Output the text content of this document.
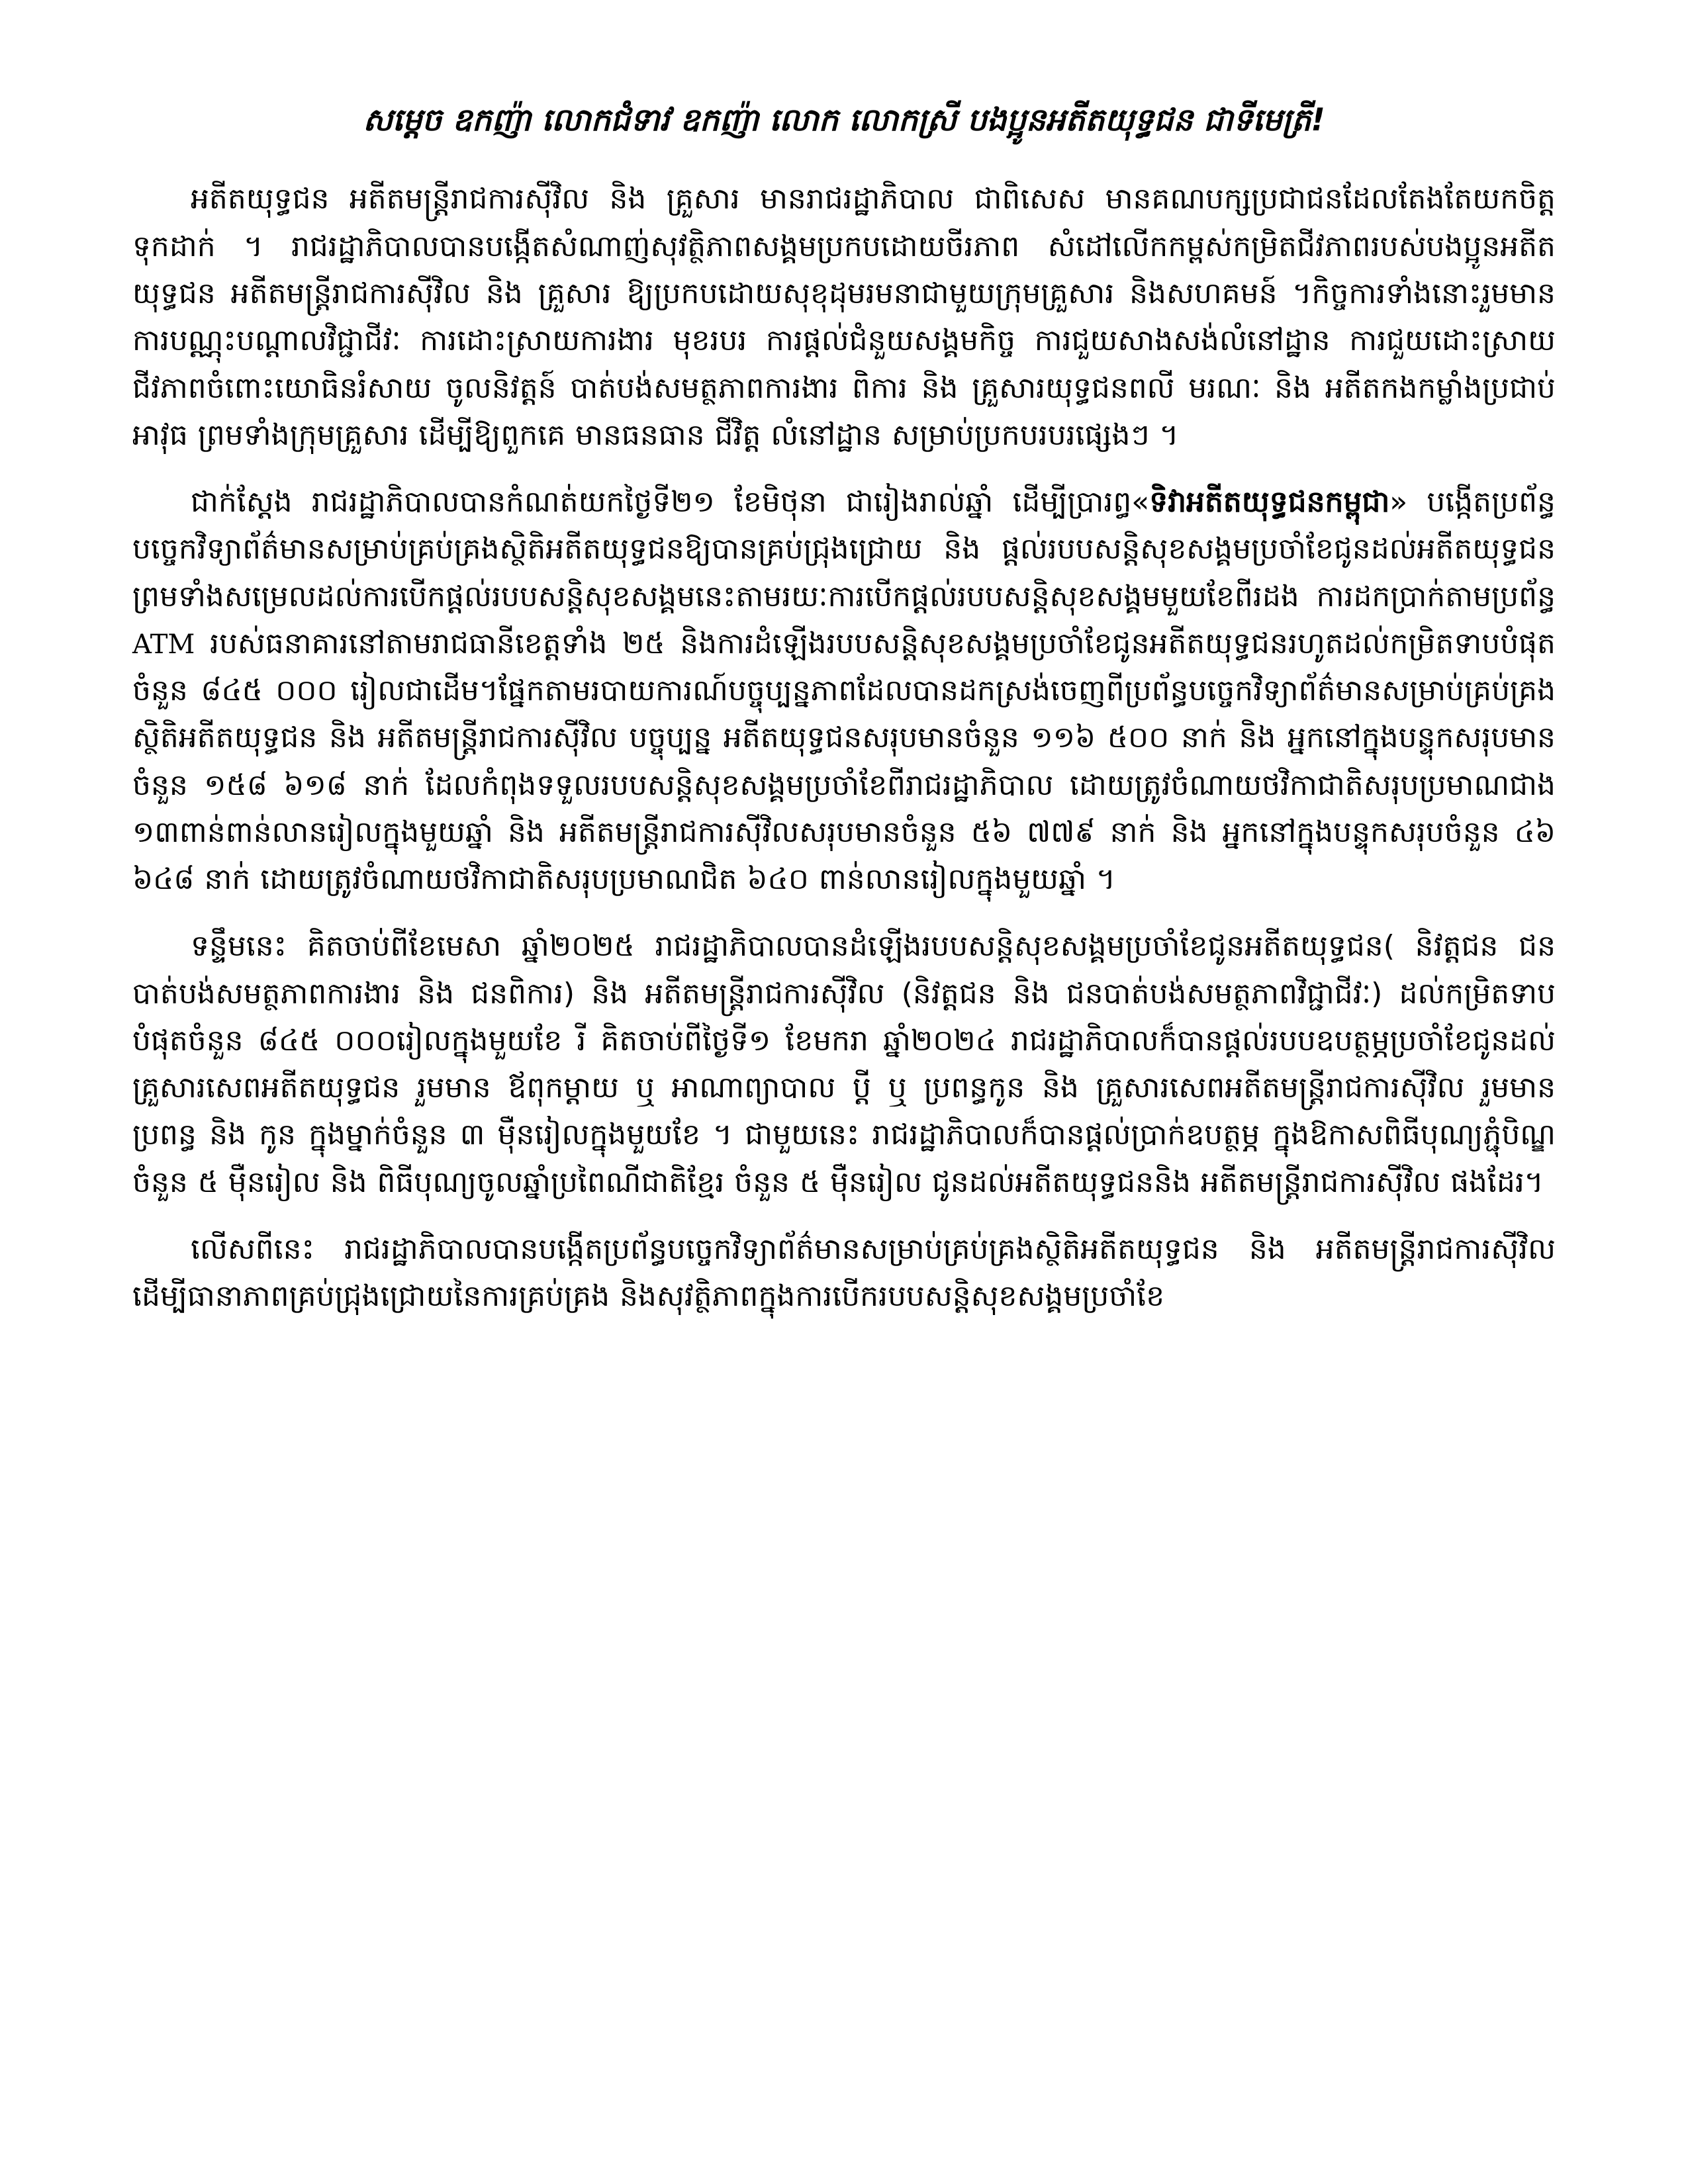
សម្តេច ឧកញ៉ា លោកជំទាវ ឧកញ៉ា លោក លោកស្រី បងប្អូនអតីតយុទ្ធជន ជាទីមេត្រី!

អតីតយុទ្ធជន អតីតមន្ត្រីរាជការស៊ីវិល និង គ្រួសារ មានរាជរដ្ឋាភិបាល ជាពិសេស មានគណបក្សប្រជាជនដែលតែងតែយកចិត្តទុកដាក់ ។ រាជរដ្ឋាភិបាលបានបង្កើតសំណាញ់សុវត្ថិភាពសង្គមប្រកបដោយចីរភាព សំដៅលើកកម្ពស់កម្រិតជីវភាពរបស់បងប្អូនអតីតយុទ្ធជន អតីតមន្ត្រីរាជការស៊ីវិល និង គ្រួសារ ឱ្យប្រកបដោយសុខុដុមរមនាជាមួយក្រុមគ្រួសារ និងសហគមន៍ ។កិច្ចការទាំងនោះរួមមាន ការបណ្ណុះបណ្តាលវិជ្ជាជីវៈ ការដោះស្រាយការងារ មុខរបរ ការផ្តល់ជំនួយសង្គមកិច្ច ការជួយសាងសង់លំនៅដ្ឋាន ការជួយដោះស្រាយជីវភាពចំពោះយោធិនរំសាយ ចូលនិវត្តន៍ បាត់បង់សមត្ថភាពការងារ ពិការ និង គ្រួសារយុទ្ធជនពលី មរណៈ និង អតីតកងកម្លាំងប្រជាប់អាវុធ ព្រមទាំងក្រុមគ្រួសារ ដើម្បីឱ្យពួកគេ មានធនធាន ជីវិត្ត លំនៅដ្ឋាន សម្រាប់ប្រកបរបរផ្សេងៗ ។

ជាក់ស្តែង រាជរដ្ឋាភិបាលបានកំណត់យកថ្ងៃទី២១ ខែមិថុនា ជារៀងរាល់ឆ្នាំ ដើម្បីប្រារព្ធ«ទិវាអតីតយុទ្ធជនកម្ពុជា» បង្កើតប្រព័ន្ធបច្ចេកវិទ្យាព័ត៌មានសម្រាប់គ្រប់គ្រងស្ថិតិអតីតយុទ្ធជនឱ្យបានគ្រប់ជ្រុងជ្រោយ និង ផ្តល់របបសន្តិសុខសង្គមប្រចាំខែជូនដល់អតីតយុទ្ធជន ព្រមទាំងសម្រេលដល់ការបើកផ្តល់របបសន្តិសុខសង្គមនេះតាមរយៈការបើកផ្តល់របបសន្តិសុខសង្គមមួយខែពីរដង ការដកប្រាក់តាមប្រព័ន្ធ ATM របស់ធនាគារនៅតាមរាជធានីខេត្តទាំង ២៥ និងការដំឡើងរបបសន្តិសុខសង្គមប្រចាំខែជូនអតីតយុទ្ធជនរហូតដល់កម្រិតទាបបំផុតចំនួន ៨៤៥ ០០០ រៀលជាដើម។ផ្នែកតាមរបាយការណ៍បច្ចុប្បន្នភាពដែលបានដកស្រង់ចេញពីប្រព័ន្ធបច្ចេកវិទ្យាព័ត៌មានសម្រាប់គ្រប់គ្រងស្ថិតិអតីតយុទ្ធជន និង អតីតមន្ត្រីរាជការស៊ីវិល បច្ចុប្បន្ន អតីតយុទ្ធជនសរុបមានចំនួន ១១៦ ៥០០ នាក់ និង អ្នកនៅក្នុងបន្ទុកសរុបមានចំនួន ១៥៨ ៦១៨ នាក់ ដែលកំពុងទទួលរបបសន្តិសុខសង្គមប្រចាំខែពីរាជរដ្ឋាភិបាល ដោយត្រូវចំណាយថវិកាជាតិសរុបប្រមាណជាង ១៣ពាន់ពាន់លានរៀលក្នុងមួយឆ្នាំ និង អតីតមន្ត្រីរាជការស៊ីវិលសរុបមានចំនួន ៥៦ ៧៧៩ នាក់ និង អ្នកនៅក្នុងបន្ទុកសរុបចំនួន ៤៦ ៦៤៨ នាក់ ដោយត្រូវចំណាយថវិកាជាតិសរុបប្រមាណជិត ៦៤០ ពាន់លានរៀលក្នុងមួយឆ្នាំ ។

ទន្ទឹមនេះ គិតចាប់ពីខែមេសា ឆ្នាំ២០២៥ រាជរដ្ឋាភិបាលបានដំឡើងរបបសន្តិសុខសង្គមប្រចាំខែជូនអតីតយុទ្ធជន( និវត្តជន ជនបាត់បង់សមត្ថភាពការងារ និង ជនពិការ) និង អតីតមន្ត្រីរាជការស៊ីវិល (និវត្តជន និង ជនបាត់បង់សមត្ថភាពវិជ្ជាជីវៈ) ដល់កម្រិតទាបបំផុតចំនួន ៨៤៥ ០០០រៀលក្នុងមួយខែ រី គិតចាប់ពីថ្ងៃទី១ ខែមករា ឆ្នាំ២០២៤ រាជរដ្ឋាភិបាលក៏បានផ្តល់របបឧបត្ថម្ភប្រចាំខែជូនដល់គ្រួសារសេពអតីតយុទ្ធជន រួមមាន ឪពុកម្តាយ ឬ អាណាព្យាបាល ប្តី ឬ ប្រពន្ធកូន និង គ្រួសារសេពអតីតមន្ត្រីរាជការស៊ីវិល រួមមាន ប្រពន្ធ និង កូន ក្នុងម្នាក់ចំនួន ៣ ម៉ឺនរៀលក្នុងមួយខែ ។ ជាមួយនេះ រាជរដ្ឋាភិបាលក៏បានផ្តល់ប្រាក់ឧបត្ថម្ភ ក្នុងឱកាសពិធីបុណ្យភ្ជុំបិណ្ឌចំនួន ៥ ម៉ឺនរៀល និង ពិធីបុណ្យចូលឆ្នាំប្រពៃណីជាតិខ្មែរ ចំនួន ៥ ម៉ឺនរៀល ជូនដល់អតីតយុទ្ធជននិង អតីតមន្ត្រីរាជការស៊ីវិល ផងដែរ។

លើសពីនេះ រាជរដ្ឋាភិបាលបានបង្កើតប្រព័ន្ធបច្ចេកវិទ្យាព័ត៌មានសម្រាប់គ្រប់គ្រងស្ថិតិអតីតយុទ្ធជន និង អតីតមន្ត្រីរាជការស៊ីវិល ដើម្បីធានាភាពគ្រប់ជ្រុងជ្រោយនៃការគ្រប់គ្រង និងសុវត្ថិភាពក្នុងការបើករបបសន្តិសុខសង្គមប្រចាំខែ
